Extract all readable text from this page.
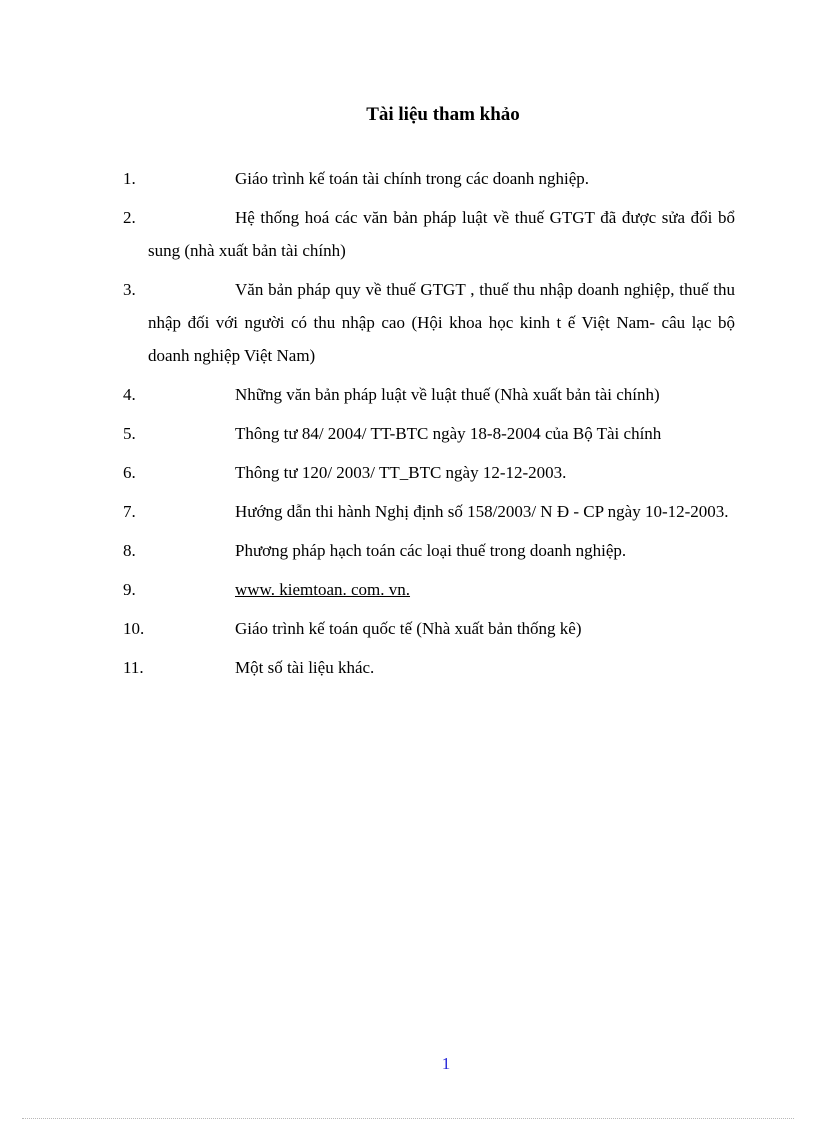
Tài liệu tham khảo
1.	Giáo trình kế toán tài chính trong các doanh nghiệp.
2.	Hệ thống hoá các văn bản pháp luật về thuế GTGT đã được sửa đổi bổ sung (nhà xuất bản tài chính)
3.	Văn bản pháp quy về thuế GTGT , thuế thu nhập doanh nghiệp, thuế thu nhập đối với người có thu nhập cao (Hội khoa học kinh t ế Việt Nam- câu lạc bộ doanh nghiệp Việt Nam)
4.	Những văn bản pháp luật về luật thuế (Nhà xuất bản tài chính)
5.	Thông tư 84/ 2004/ TT-BTC ngày 18-8-2004 của Bộ Tài chính
6.	Thông tư 120/ 2003/ TT_BTC ngày 12-12-2003.
7.	Hướng dẫn thi hành Nghị định số 158/2003/ N Đ - CP ngày 10-12-2003.
8.	Phương pháp hạch toán các loại thuế trong doanh nghiệp.
9.	www. kiemtoan. com. vn.
10.	Giáo trình kế toán quốc tế (Nhà xuất bản thống kê)
11.	Một số tài liệu khác.
1
